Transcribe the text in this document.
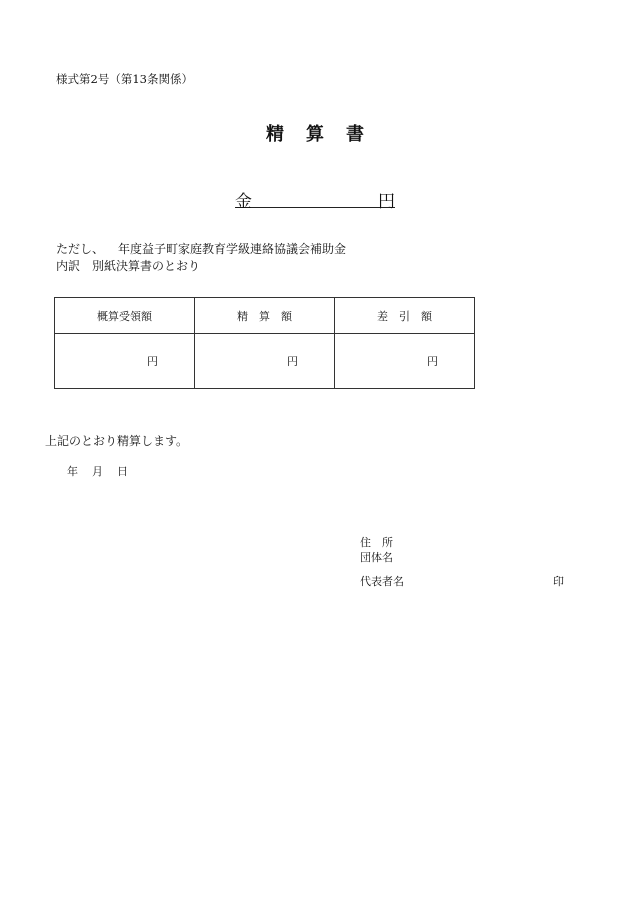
様式第2号（第13条関係）
精 算 書
金	円
ただし、 年度益子町家庭教育学級連絡協議会補助金
内訳 別紙決算書のとおり
概算受領額	精　算　額	差　引　額
円	円	円
上記のとおり精算します。
年 月 日
住　所
団体名
代表者名	印
